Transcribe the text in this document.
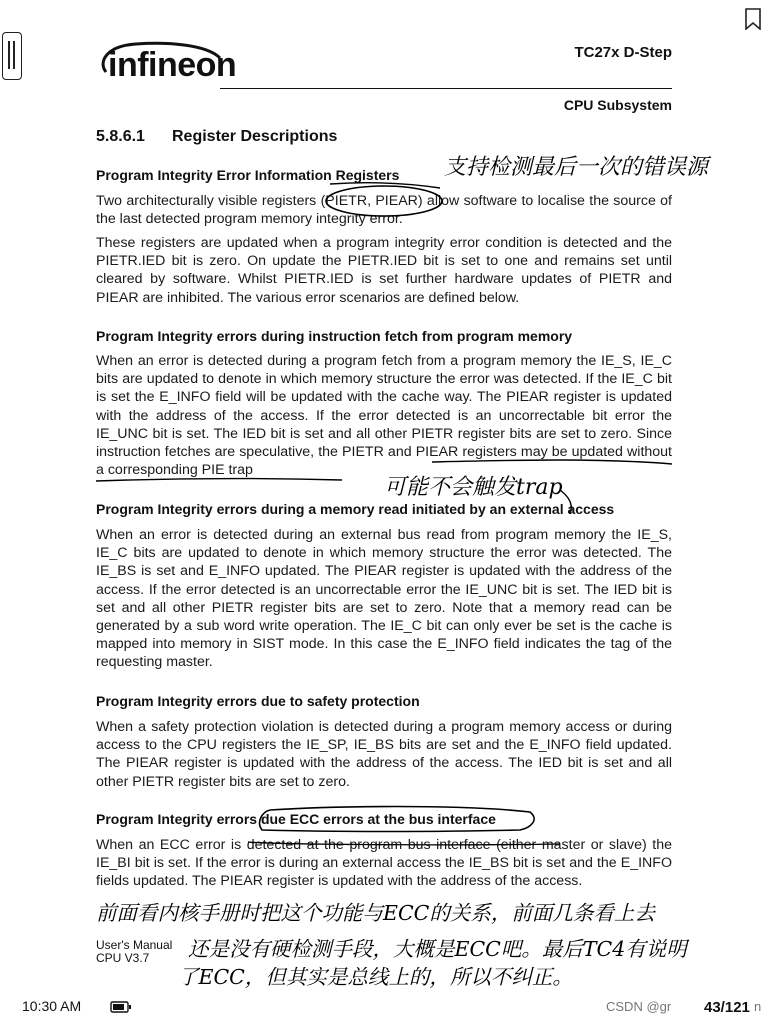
infineon	TC27x D-Step
CPU Subsystem
5.8.6.1 Register Descriptions
Program Integrity Error Information Registers

Two architecturally visible registers (PIETR, PIEAR) allow software to localise the source of the last detected program memory integrity error.

These registers are updated when a program integrity error condition is detected and the PIETR.IED bit is zero. On update the PIETR.IED bit is set to one and remains set until cleared by software. Whilst PIETR.IED is set further hardware updates of PIETR and PIEAR are inhibited. The various error scenarios are defined below.

Program Integrity errors during instruction fetch from program memory

When an error is detected during a program fetch from a program memory the IE_S, IE_C bits are updated to denote in which memory structure the error was detected. If the IE_C bit is set the E_INFO field will be updated with the cache way. The PIEAR register is updated with the address of the access. If the error detected is an uncorrectable bit error the IE_UNC bit is set. The IED bit is set and all other PIETR register bits are set to zero. Since instruction fetches are speculative, the PIETR and PIEAR registers may be updated without a corresponding PIE trap

Program Integrity errors during a memory read initiated by an external access

When an error is detected during an external bus read from program memory the IE_S, IE_C bits are updated to denote in which memory structure the error was detected. The IE_BS is set and E_INFO updated. The PIEAR register is updated with the address of the access. If the error detected is an uncorrectable error the IE_UNC bit is set. The IED bit is set and all other PIETR register bits are set to zero. Note that a memory read can be generated by a sub word write operation. The IE_C bit can only ever be set is the cache is mapped into memory in SIST mode. In this case the E_INFO field indicates the tag of the requesting master.

Program Integrity errors due to safety protection

When a safety protection violation is detected during a program memory access or during access to the CPU registers the IE_SP, IE_BS bits are set and the E_INFO field updated. The PIEAR register is updated with the address of the access. The IED bit is set and all other PIETR register bits are set to zero.

Program Integrity errors due ECC errors at the bus interface

When an ECC error is detected at the program bus interface (either master or slave) the IE_BI bit is set. If the error is during an external access the IE_BS bit is set and the E_INFO fields updated. The PIEAR register is updated with the address of the access.

User's Manual
CPU V3.7
支持检测最后一次的错误源
可能不会触发trap
前面看内核手册时把这个功能与ECC的关系，前面几条看上去
还是没有硬检测手段，大概是ECC吧。最后TC4有说明
了ECC，但其实是总线上的，所以不纠正。
10:30 AM	CSDN @gr 43/121 n
